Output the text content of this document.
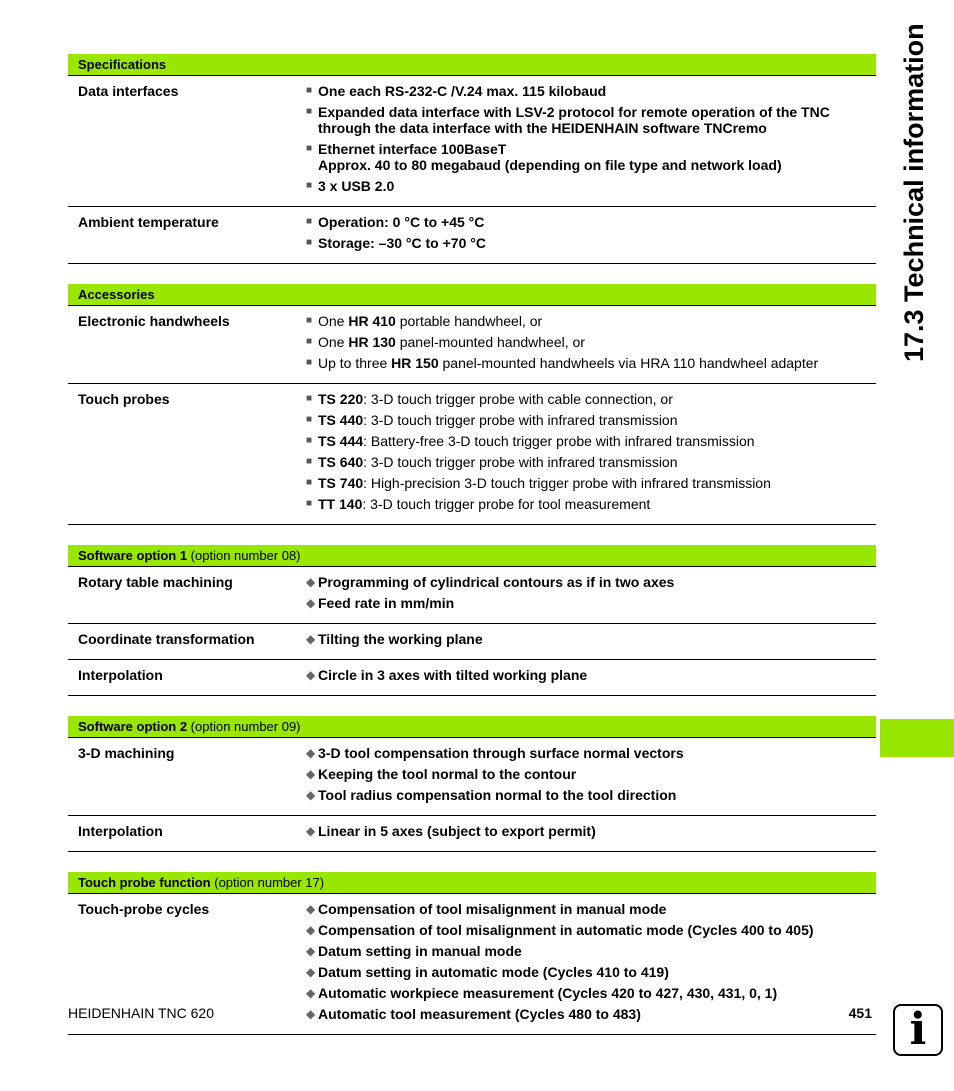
Specifications
Data interfaces	■ One each RS-232-C /V.24 max. 115 kilobaud
■ Expanded data interface with LSV-2 protocol for remote operation of the TNC through the data interface with the HEIDENHAIN software TNCremo
■ Ethernet interface 100BaseT
Approx. 40 to 80 megabaud (depending on file type and network load)
■ 3 x USB 2.0
Ambient temperature	■ Operation: 0 °C to +45 °C
■ Storage: –30 °C to +70 °C
Accessories
Electronic handwheels	■ One HR 410 portable handwheel, or
■ One HR 130 panel-mounted handwheel, or
■ Up to three HR 150 panel-mounted handwheels via HRA 110 handwheel adapter
Touch probes	■ TS 220: 3-D touch trigger probe with cable connection, or
■ TS 440: 3-D touch trigger probe with infrared transmission
■ TS 444: Battery-free 3-D touch trigger probe with infrared transmission
■ TS 640: 3-D touch trigger probe with infrared transmission
■ TS 740: High-precision 3-D touch trigger probe with infrared transmission
■ TT 140: 3-D touch trigger probe for tool measurement
Software option 1 (option number 08)
Rotary table machining	◆ Programming of cylindrical contours as if in two axes
◆ Feed rate in mm/min
Coordinate transformation	◆ Tilting the working plane
Interpolation	◆ Circle in 3 axes with tilted working plane
Software option 2 (option number 09)
3-D machining	◆ 3-D tool compensation through surface normal vectors
◆ Keeping the tool normal to the contour
◆ Tool radius compensation normal to the tool direction
Interpolation	◆ Linear in 5 axes (subject to export permit)
Touch probe function (option number 17)
Touch-probe cycles	◆ Compensation of tool misalignment in manual mode
◆ Compensation of tool misalignment in automatic mode (Cycles 400 to 405)
◆ Datum setting in manual mode
◆ Datum setting in automatic mode (Cycles 410 to 419)
◆ Automatic workpiece measurement (Cycles 420 to 427, 430, 431, 0, 1)
◆ Automatic tool measurement (Cycles 480 to 483)
17.3 Technical information
HEIDENHAIN TNC 620	451 i
